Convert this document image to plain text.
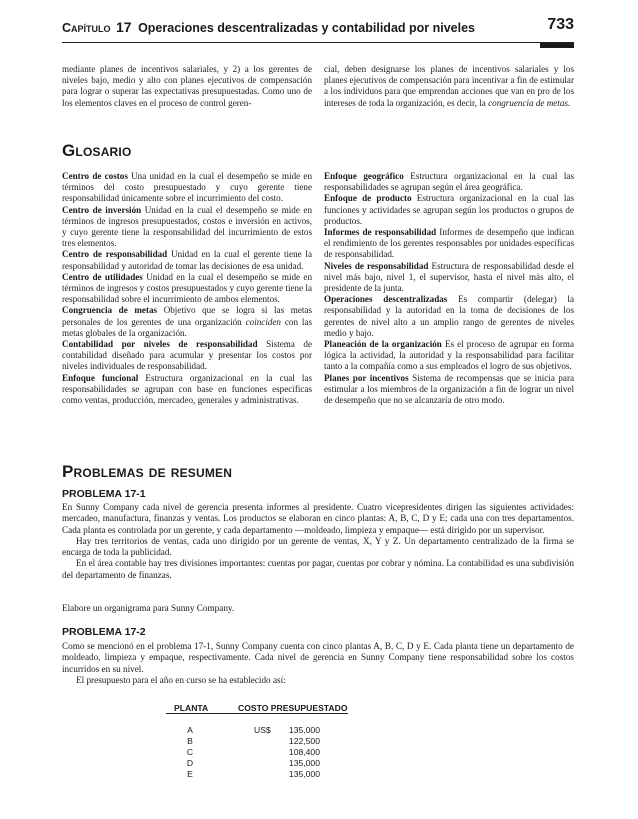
Capítulo 17 Operaciones descentralizadas y contabilidad por niveles	733
mediante planes de incentivos salariales, y 2) a los gerentes de niveles bajo, medio y alto con planes ejecutivos de compensación para lograr o superar las expectativas presupuestadas. Como uno de los elementos claves en el proceso de control geren-
cial, deben designarse los planes de incentivos salariales y los planes ejecutivos de compensación para incentivar a fin de estimular a los individuos para que emprendan acciones que van en pro de los intereses de toda la organización, es decir, la congruencia de metas.
Glosario
Centro de costos Una unidad en la cual el desempeño se mide en términos del costo presupuestado y cuyo gerente tiene responsabilidad únicamente sobre el incurrimiento del costo.
Centro de inversión Unidad en la cual el desempeño se mide en términos de ingresos presupuestados, costos e inversión en activos, y cuyo gerente tiene la responsabilidad del incurrimiento de estos tres elementos.
Centro de responsabilidad Unidad en la cual el gerente tiene la responsabilidad y autoridad de tomar las decisiones de esa unidad.
Centro de utilidades Unidad en la cual el desempeño se mide en términos de ingresos y costos presupuestados y cuyo gerente tiene la responsabilidad sobre el incurrimiento de ambos elementos.
Congruencia de metas Objetivo que se logra si las metas personales de los gerentes de una organización coinciden con las metas globales de la organización.
Contabilidad por niveles de responsabilidad Sistema de contabilidad diseñado para acumular y presentar los costos por niveles individuales de responsabilidad.
Enfoque funcional Estructura organizacional en la cual las responsabilidades se agrupan con base en funciones específicas como ventas, producción, mercadeo, generales y administrativas.
Enfoque geográfico Estructura organizacional en la cual las responsabilidades se agrupan según el área geográfica.
Enfoque de producto Estructura organizacional en la cual las funciones y actividades se agrupan según los productos o grupos de productos.
Informes de responsabilidad Informes de desempeño que indican el rendimiento de los gerentes responsables por unidades específicas de responsabilidad.
Niveles de responsabilidad Estructura de responsabilidad desde el nivel más bajo, nivel 1, el supervisor, hasta el nivel más alto, el presidente de la junta.
Operaciones descentralizadas Es compartir (delegar) la responsabilidad y la autoridad en la toma de decisiones de los gerentes de nivel alto a un amplio rango de gerentes de niveles medio y bajo.
Planeación de la organización Es el proceso de agrupar en forma lógica la actividad, la autoridad y la responsabilidad para facilitar tanto a la compañía como a sus empleados el logro de sus objetivos.
Planes por incentivos Sistema de recompensas que se inicia para estimular a los miembros de la organización a fin de lograr un nivel de desempeño que no se alcanzaría de otro modo.
Problemas de resumen
PROBLEMA 17-1
En Sunny Company cada nivel de gerencia presenta informes al presidente. Cuatro vicepresidentes dirigen las siguientes actividades: mercadeo, manufactura, finanzas y ventas. Los productos se elaboran en cinco plantas: A, B, C, D y E; cada una con tres departamentos. Cada planta es controlada por un gerente, y cada departamento —moldeado, limpieza y empaque— está dirigido por un supervisor.
Hay tres territorios de ventas, cada uno dirigido por un gerente de ventas, X, Y y Z. Un departamento centralizado de la firma se encarga de toda la publicidad.
En el área contable hay tres divisiones importantes: cuentas por pagar, cuentas por cobrar y nómina. La contabilidad es una subdivisión del departamento de finanzas.
Elabore un organigrama para Sunny Company.
PROBLEMA 17-2
Como se mencionó en el problema 17-1, Sunny Company cuenta con cinco plantas A, B, C, D y E. Cada planta tiene un departamento de moldeado, limpieza y empaque, respectivamente. Cada nivel de gerencia en Sunny Company tiene responsabilidad sobre los costos incurridos en su nivel.
El presupuesto para el año en curso se ha establecido así:
PLANTA	COSTO PRESUPUESTADO
A	US$	135,000
B	122,500
C	108,400
D	135,000
E	135,000
